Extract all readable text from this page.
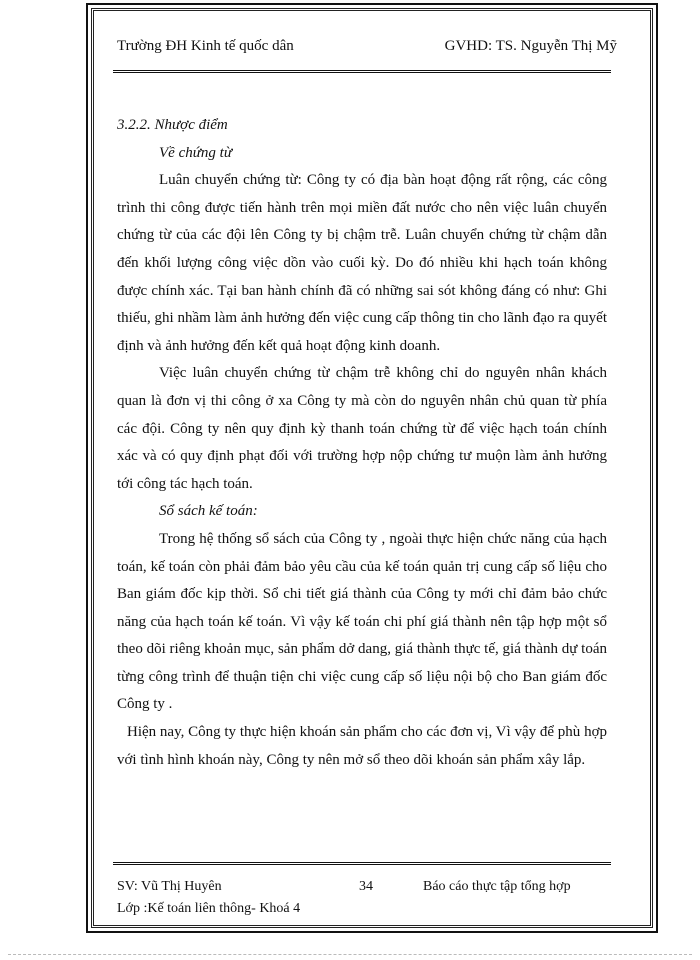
Trường ĐH Kinh tế quốc dân	GVHD: TS. Nguyễn Thị Mỹ

3.2.2. Nhược điểm

Về chứng từ

Luân chuyển chứng từ: Công ty có địa bàn hoạt động rất rộng, các công trình thi công được tiến hành trên mọi miền đất nước cho nên việc luân chuyển chứng từ của các đội lên Công ty bị chậm trễ. Luân chuyển chứng từ chậm dẫn đến khối lượng công việc dồn vào cuối kỳ. Do đó nhiều khi hạch toán không được chính xác. Tại ban hành chính đã có những sai sót không đáng có như: Ghi thiếu, ghi nhầm làm ảnh hưởng đến việc cung cấp thông tin cho lãnh đạo ra quyết định và ảnh hưởng đến kết quả hoạt động kinh doanh.

Việc luân chuyển chứng từ chậm trễ không chỉ do nguyên nhân khách quan là đơn vị thi công ở xa Công ty mà còn do nguyên nhân chủ quan từ phía các đội. Công ty nên quy định kỳ thanh toán chứng từ để việc hạch toán chính xác và có quy định phạt đối với trường hợp nộp chứng tư muộn làm ảnh hưởng tới công tác hạch toán.

Sổ sách kế toán:

Trong hệ thống sổ sách của Công ty , ngoài thực hiện chức năng của hạch toán, kế toán còn phải đảm bảo yêu cầu của kế toán quản trị cung cấp số liệu cho Ban giám đốc kịp thời. Sổ chi tiết giá thành của Công ty mới chỉ đảm bảo chức năng của hạch toán kế toán. Vì vậy kế toán chi phí giá thành nên tập hợp một sổ theo dõi riêng khoản mục, sản phẩm dở dang, giá thành thực tế, giá thành dự toán từng công trình để thuận tiện chi việc cung cấp số liệu nội bộ cho Ban giám đốc Công ty .

Hiện nay, Công ty thực hiện khoán sản phẩm cho các đơn vị, Vì vậy để phù hợp với tình hình khoán này, Công ty nên mở sổ theo dõi khoán sản phẩm xây lắp.

SV: Vũ Thị Huyên	34	Báo cáo thực tập tổng hợp
Lớp :Kế toán liên thông- Khoá 4
